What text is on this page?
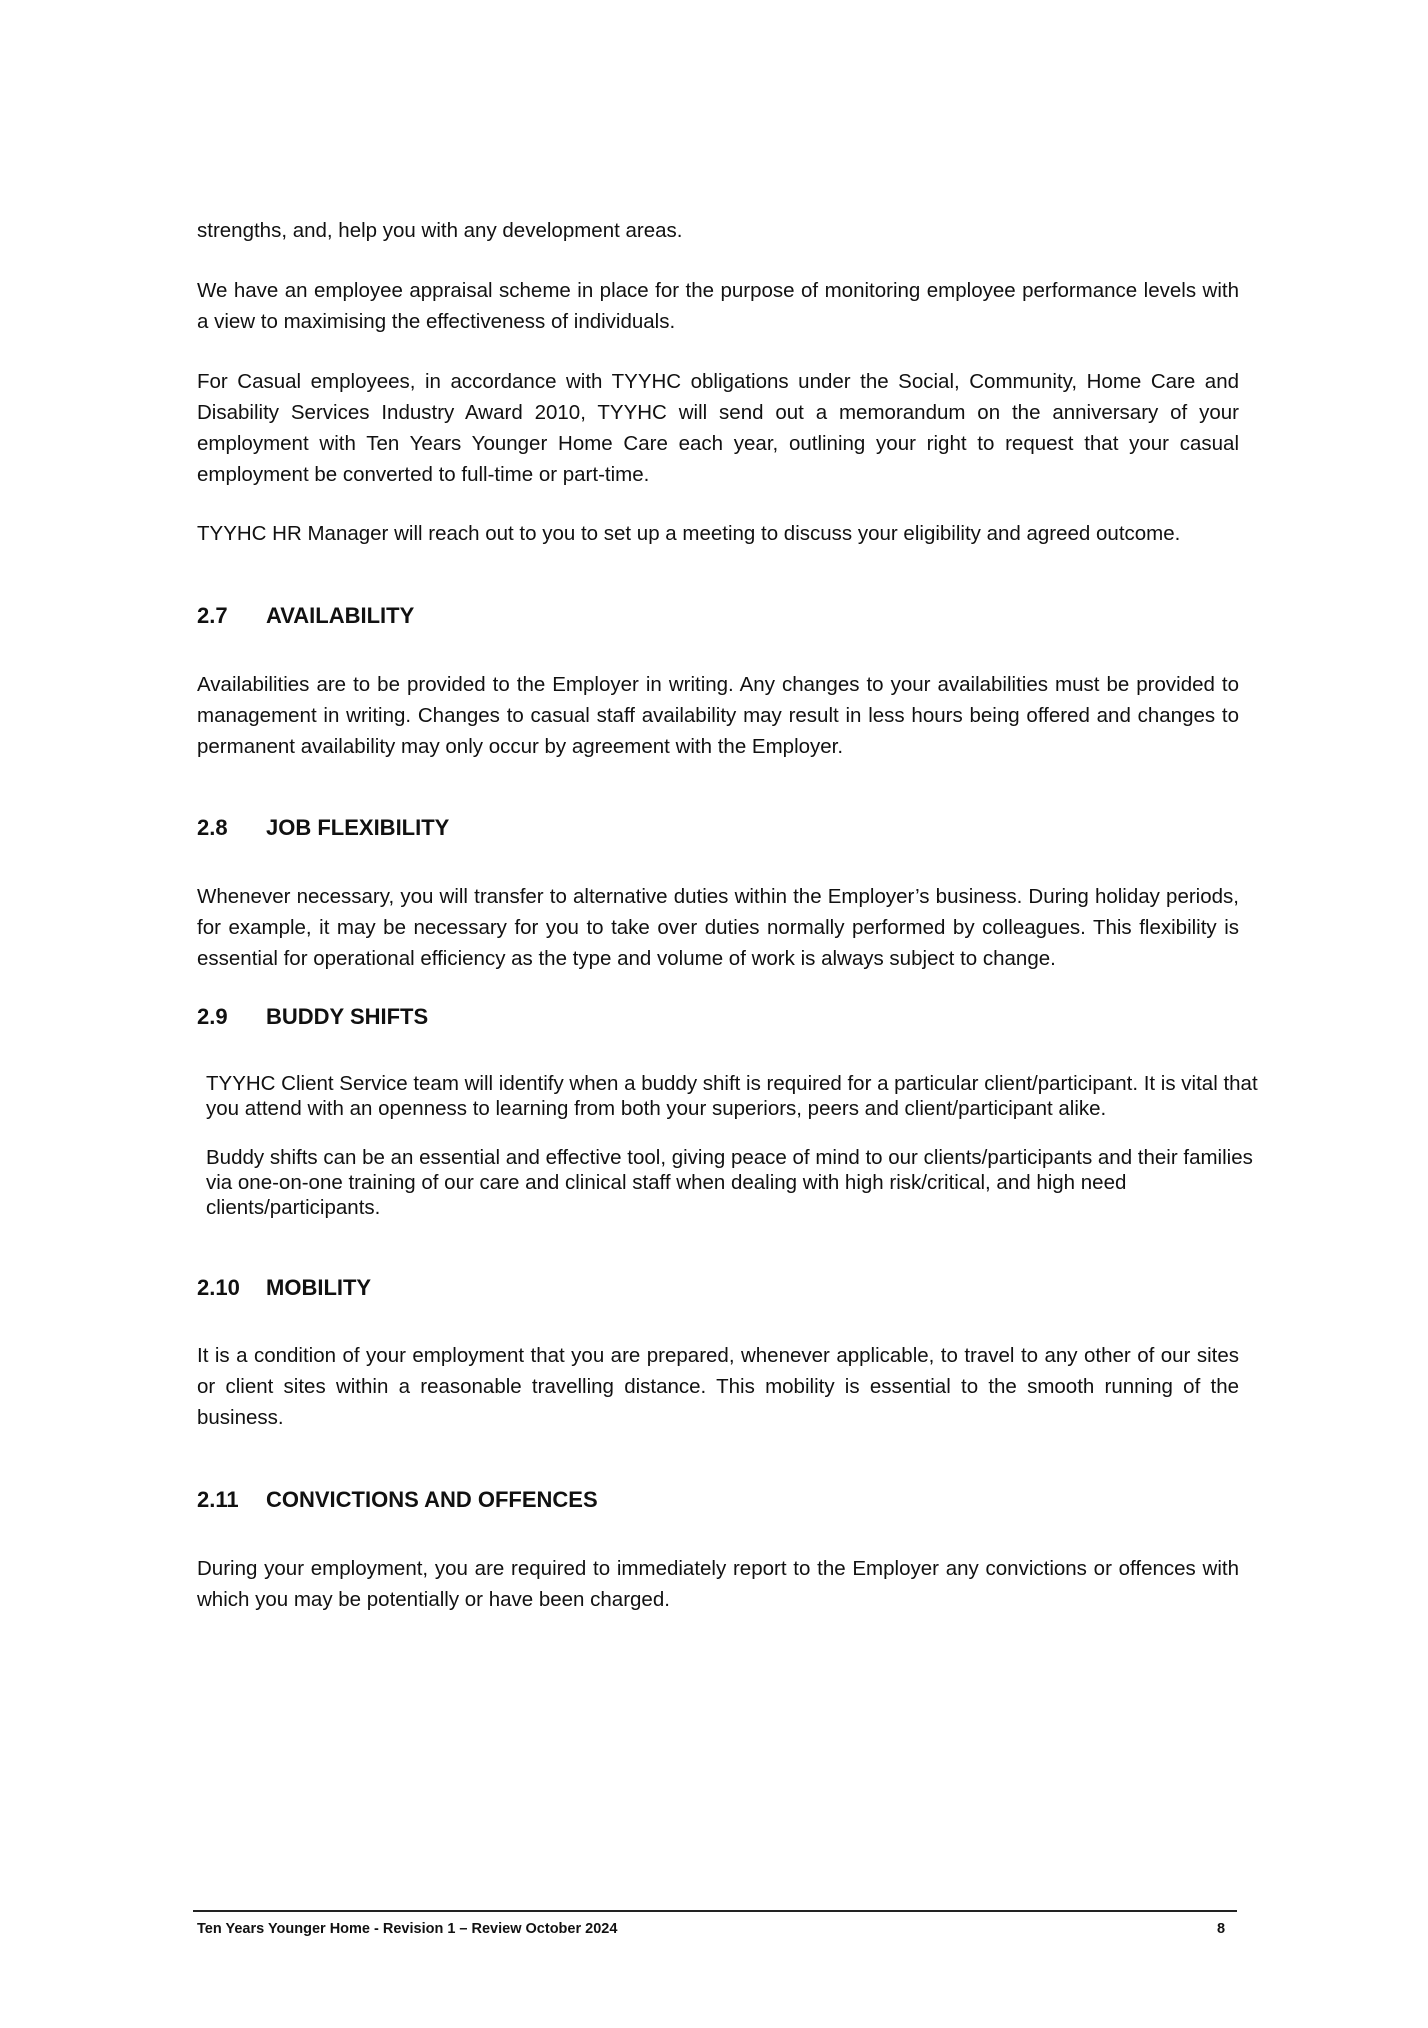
strengths, and, help you with any development areas.

We have an employee appraisal scheme in place for the purpose of monitoring employee performance levels with a view to maximising the effectiveness of individuals.

For Casual employees, in accordance with TYYHC obligations under the Social, Community, Home Care and Disability Services Industry Award 2010, TYYHC will send out a memorandum on the anniversary of your employment with Ten Years Younger Home Care each year, outlining your right to request that your casual employment be converted to full-time or part-time.

TYYHC HR Manager will reach out to you to set up a meeting to discuss your eligibility and agreed outcome.

2.7 AVAILABILITY

Availabilities are to be provided to the Employer in writing. Any changes to your availabilities must be provided to management in writing. Changes to casual staff availability may result in less hours being offered and changes to permanent availability may only occur by agreement with the Employer.

2.8 JOB FLEXIBILITY

Whenever necessary, you will transfer to alternative duties within the Employer’s business. During holiday periods, for example, it may be necessary for you to take over duties normally performed by colleagues. This flexibility is essential for operational efficiency as the type and volume of work is always subject to change.

2.9 BUDDY SHIFTS

TYYHC Client Service team will identify when a buddy shift is required for a particular client/participant. It is vital that you attend with an openness to learning from both your superiors, peers and client/participant alike.

Buddy shifts can be an essential and effective tool, giving peace of mind to our clients/participants and their families via one-on-one training of our care and clinical staff when dealing with high risk/critical, and high need clients/participants.

2.10 MOBILITY

It is a condition of your employment that you are prepared, whenever applicable, to travel to any other of our sites or client sites within a reasonable travelling distance. This mobility is essential to the smooth running of the business.

2.11 CONVICTIONS AND OFFENCES

During your employment, you are required to immediately report to the Employer any convictions or offences with which you may be potentially or have been charged.

Ten Years Younger Home - Revision 1 – Review October 2024	8
